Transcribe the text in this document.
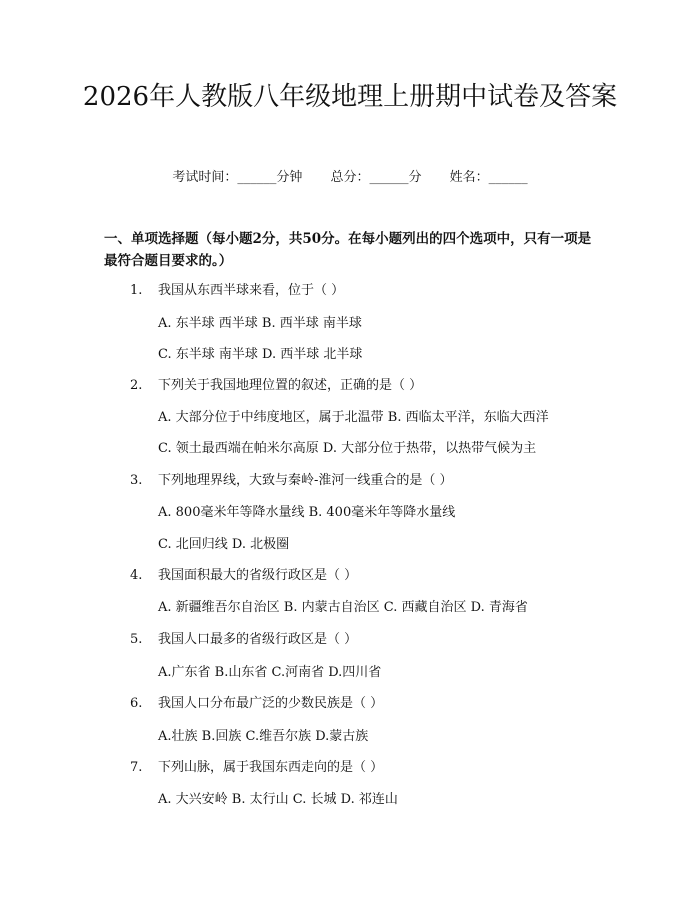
2026年人教版八年级地理上册期中试卷及答案
考试时间：______分钟 总分：______分 姓名：______

一、单项选择题（每小题2分，共50分。在每小题列出的四个选项中，只有一项是最符合题目要求的。）

1. 我国从东西半球来看，位于（ ）
A. 东半球 西半球 B. 西半球 南半球
C. 东半球 南半球 D. 西半球 北半球
2. 下列关于我国地理位置的叙述，正确的是（ ）
A. 大部分位于中纬度地区，属于北温带 B. 西临太平洋，东临大西洋
C. 领土最西端在帕米尔高原 D. 大部分位于热带，以热带气候为主
3. 下列地理界线，大致与秦岭-淮河一线重合的是（ ）
A. 800毫米年等降水量线 B. 400毫米年等降水量线
C. 北回归线 D. 北极圈
4. 我国面积最大的省级行政区是（ ）
A. 新疆维吾尔自治区 B. 内蒙古自治区 C. 西藏自治区 D. 青海省
5. 我国人口最多的省级行政区是（ ）
A.广东省 B.山东省 C.河南省 D.四川省
6. 我国人口分布最广泛的少数民族是（ ）
A.壮族 B.回族 C.维吾尔族 D.蒙古族
7. 下列山脉，属于我国东西走向的是（ ）
A. 大兴安岭 B. 太行山 C. 长城 D. 祁连山
